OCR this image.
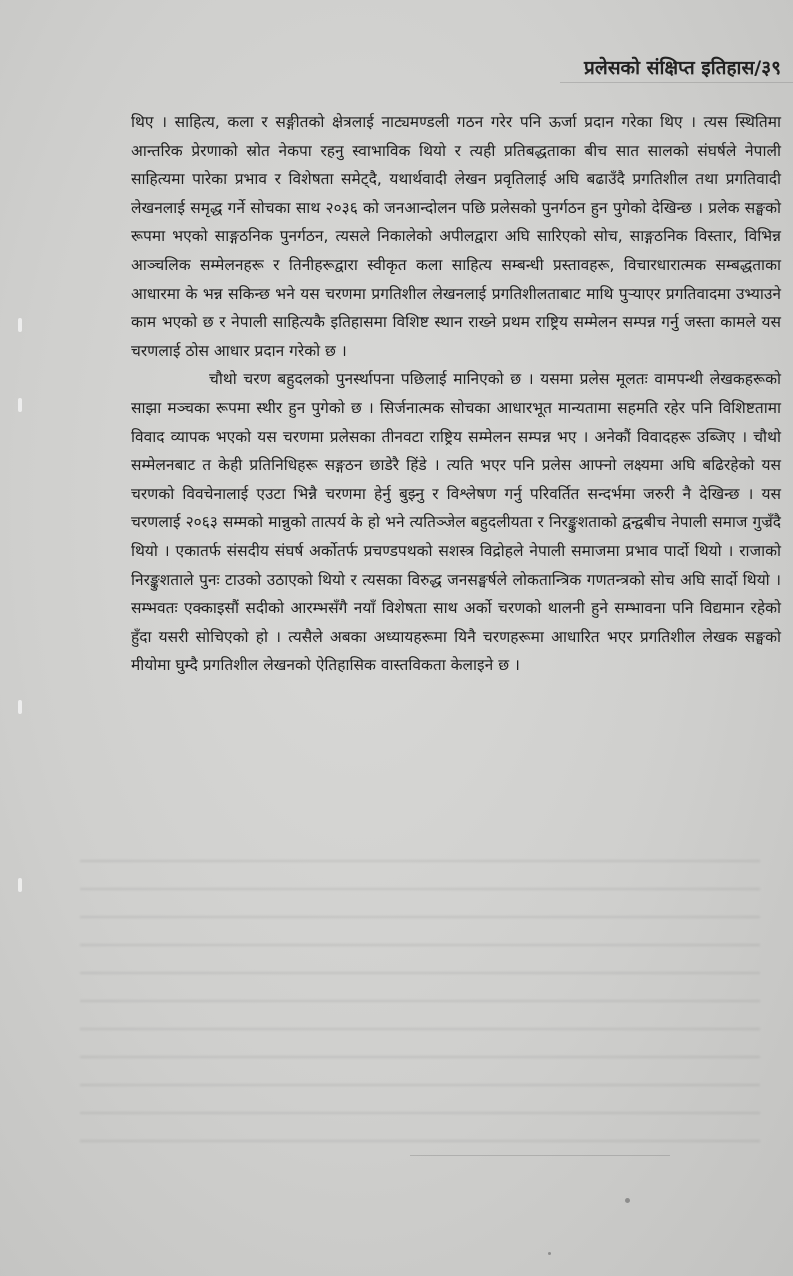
प्रलेसको संक्षिप्त इतिहास/३९

थिए । साहित्य, कला र सङ्गीतको क्षेत्रलाई नाट्यमण्डली गठन गरेर पनि ऊर्जा प्रदान गरेका थिए । त्यस स्थितिमा आन्तरिक प्रेरणाको स्रोत नेकपा रहनु स्वाभाविक थियो र त्यही प्रतिबद्धताका बीच सात सालको संघर्षले नेपाली साहित्यमा पारेका प्रभाव र विशेषता समेट्दै, यथार्थवादी लेखन प्रवृतिलाई अघि बढाउँदै प्रगतिशील तथा प्रगतिवादी लेखनलाई समृद्ध गर्ने सोचका साथ २०३६ को जनआन्दोलन पछि प्रलेसको पुनर्गठन हुन पुगेको देखिन्छ । प्रलेक सङ्घको रूपमा भएको साङ्गठनिक पुनर्गठन, त्यसले निकालेको अपीलद्वारा अघि सारिएको सोच, साङ्गठनिक विस्तार, विभिन्न आञ्चलिक सम्मेलनहरू र तिनीहरूद्वारा स्वीकृत कला साहित्य सम्बन्धी प्रस्तावहरू, विचारधारात्मक सम्बद्धताका आधारमा के भन्न सकिन्छ भने यस चरणमा प्रगतिशील लेखनलाई प्रगतिशीलताबाट माथि पुऱ्याएर प्रगतिवादमा उभ्याउने काम भएको छ र नेपाली साहित्यकै इतिहासमा विशिष्ट स्थान राख्ने प्रथम राष्ट्रिय सम्मेलन सम्पन्न गर्नु जस्ता कामले यस चरणलाई ठोस आधार प्रदान गरेको छ ।

चौथो चरण बहुदलको पुनर्स्थापना पछिलाई मानिएको छ । यसमा प्रलेस मूलतः वामपन्थी लेखकहरूको साझा मञ्चका रूपमा स्थीर हुन पुगेको छ । सिर्जनात्मक सोचका आधारभूत मान्यतामा सहमति रहेर पनि विशिष्टतामा विवाद व्यापक भएको यस चरणमा प्रलेसका तीनवटा राष्ट्रिय सम्मेलन सम्पन्न भए । अनेकौं विवादहरू उब्जिए । चौथो सम्मेलनबाट त केही प्रतिनिधिहरू सङ्गठन छाडेरै हिंडे । त्यति भएर पनि प्रलेस आफ्नो लक्ष्यमा अघि बढिरहेको यस चरणको विवचेनालाई एउटा भिन्नै चरणमा हेर्नु बुझ्नु र विश्लेषण गर्नु परिवर्तित सन्दर्भमा जरुरी नै देखिन्छ । यस चरणलाई २०६३ सम्मको मान्नुको तात्पर्य के हो भने त्यतिञ्जेल बहुदलीयता र निरङ्कुशताको द्वन्द्वबीच नेपाली समाज गुज्रँदै थियो । एकातर्फ संसदीय संघर्ष अर्कोतर्फ प्रचण्डपथको सशस्त्र विद्रोहले नेपाली समाजमा प्रभाव पार्दो थियो । राजाको निरङ्कुशताले पुनः टाउको उठाएको थियो र त्यसका विरुद्ध जनसङ्घर्षले लोकतान्त्रिक गणतन्त्रको सोच अघि सार्दो थियो ।सम्भवतः एक्काइसौं सदीको आरम्भसँगै नयाँ विशेषता साथ अर्को चरणको थालनी हुने सम्भावना पनि विद्यमान रहेको हुँदा यसरी सोचिएको हो । त्यसैले अबका अध्यायहरूमा यिनै चरणहरूमा आधारित भएर प्रगतिशील लेखक सङ्घको मीयोमा घुम्दै प्रगतिशील लेखनको ऐतिहासिक वास्तविकता केलाइने छ ।
